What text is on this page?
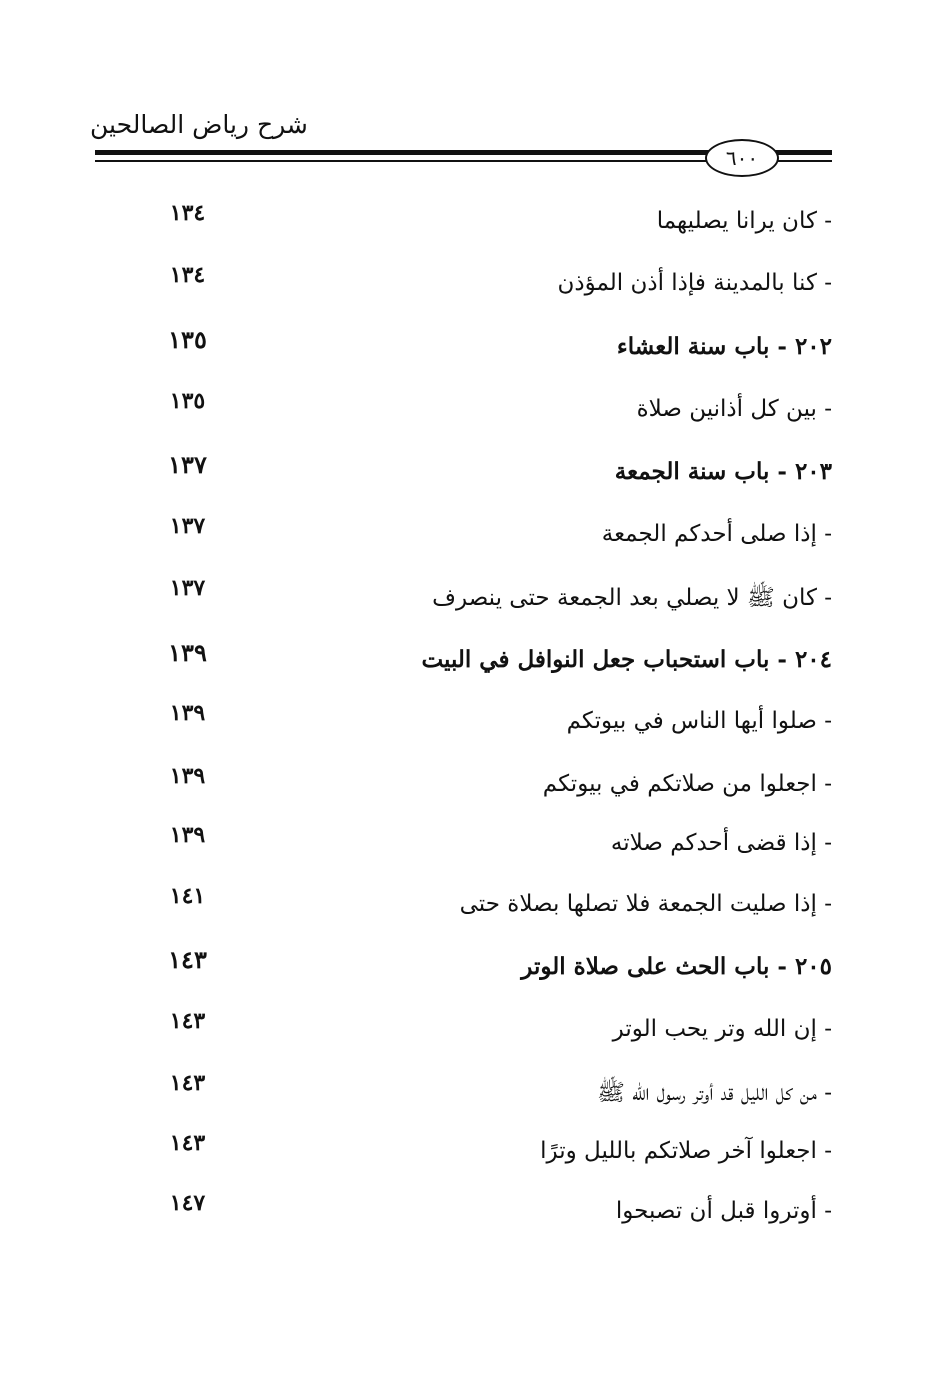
شرح رياض الصالحين
٦٠٠
- كان يرانا يصليهما
١٣٤
- كنا بالمدينة فإذا أذن المؤذن
١٣٤
٢٠٢ - باب سنة العشاء
١٣٥
- بين كل أذانين صلاة
١٣٥
٢٠٣ - باب سنة الجمعة
١٣٧
- إذا صلى أحدكم الجمعة
١٣٧
- كان ﷺ لا يصلي بعد الجمعة حتى ينصرف
١٣٧
٢٠٤ - باب استحباب جعل النوافل في البيت
١٣٩
- صلوا أيها الناس في بيوتكم
١٣٩
- اجعلوا من صلاتكم في بيوتكم
١٣٩
- إذا قضى أحدكم صلاته
١٣٩
- إذا صليت الجمعة فلا تصلها بصلاة حتى
١٤١
٢٠٥ - باب الحث على صلاة الوتر
١٤٣
- إن الله وتر يحب الوتر
١٤٣
- من كل الليل قد أوتر رسول الله ﷺ
١٤٣
- اجعلوا آخر صلاتكم بالليل وترًا
١٤٣
- أوتروا قبل أن تصبحوا
١٤٧
